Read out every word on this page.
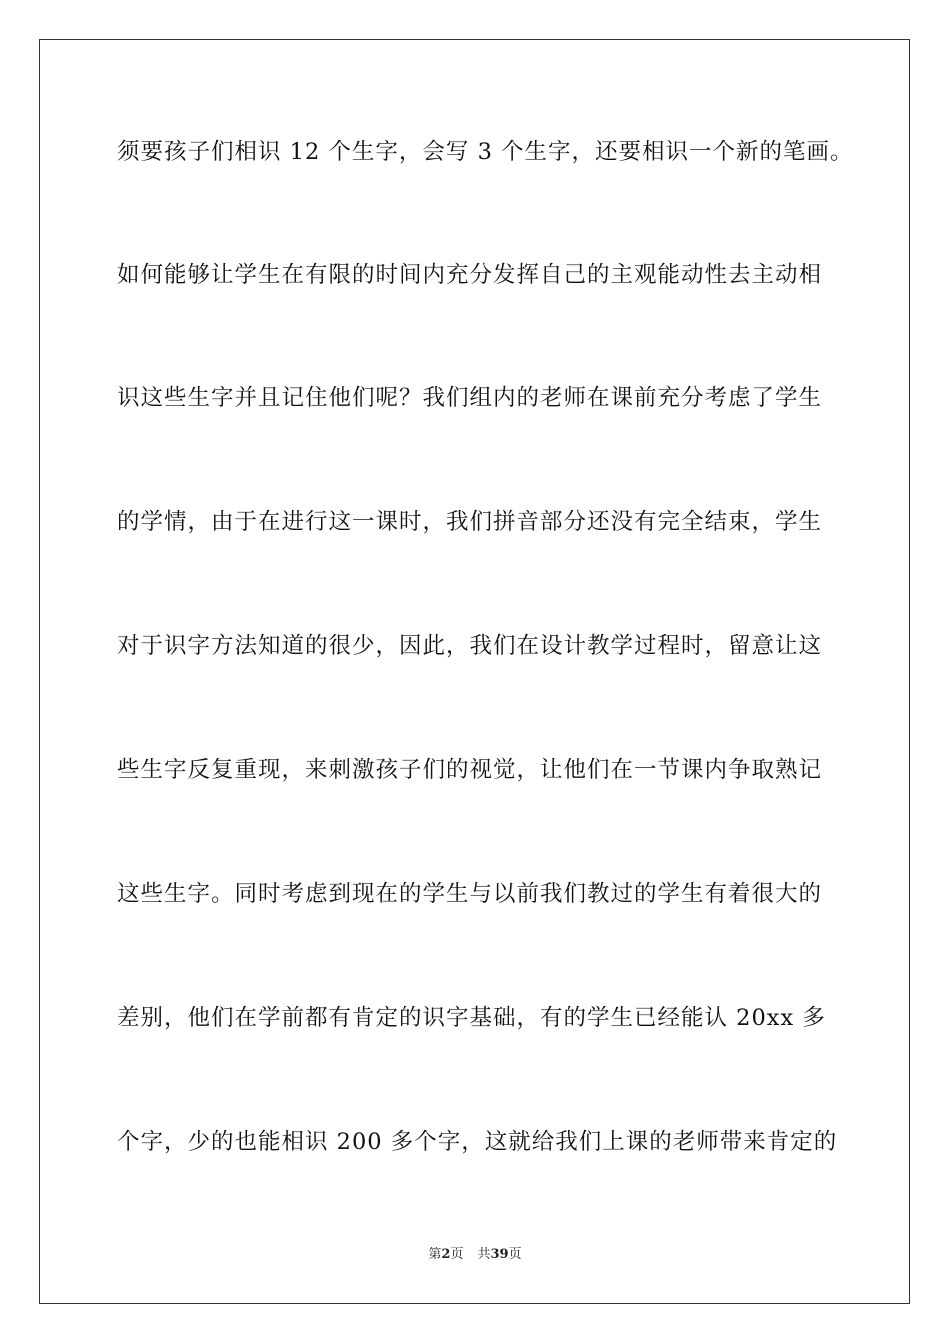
须要孩子们相识 12 个生字，会写 3 个生字，还要相识一个新的笔画。
如何能够让学生在有限的时间内充分发挥自己的主观能动性去主动相
识这些生字并且记住他们呢？我们组内的老师在课前充分考虑了学生
的学情，由于在进行这一课时，我们拼音部分还没有完全结束，学生
对于识字方法知道的很少，因此，我们在设计教学过程时，留意让这
些生字反复重现，来刺激孩子们的视觉，让他们在一节课内争取熟记
这些生字。同时考虑到现在的学生与以前我们教过的学生有着很大的
差别，他们在学前都有肯定的识字基础，有的学生已经能认 20xx 多
个字，少的也能相识 200 多个字，这就给我们上课的老师带来肯定的
第2页 共39页
